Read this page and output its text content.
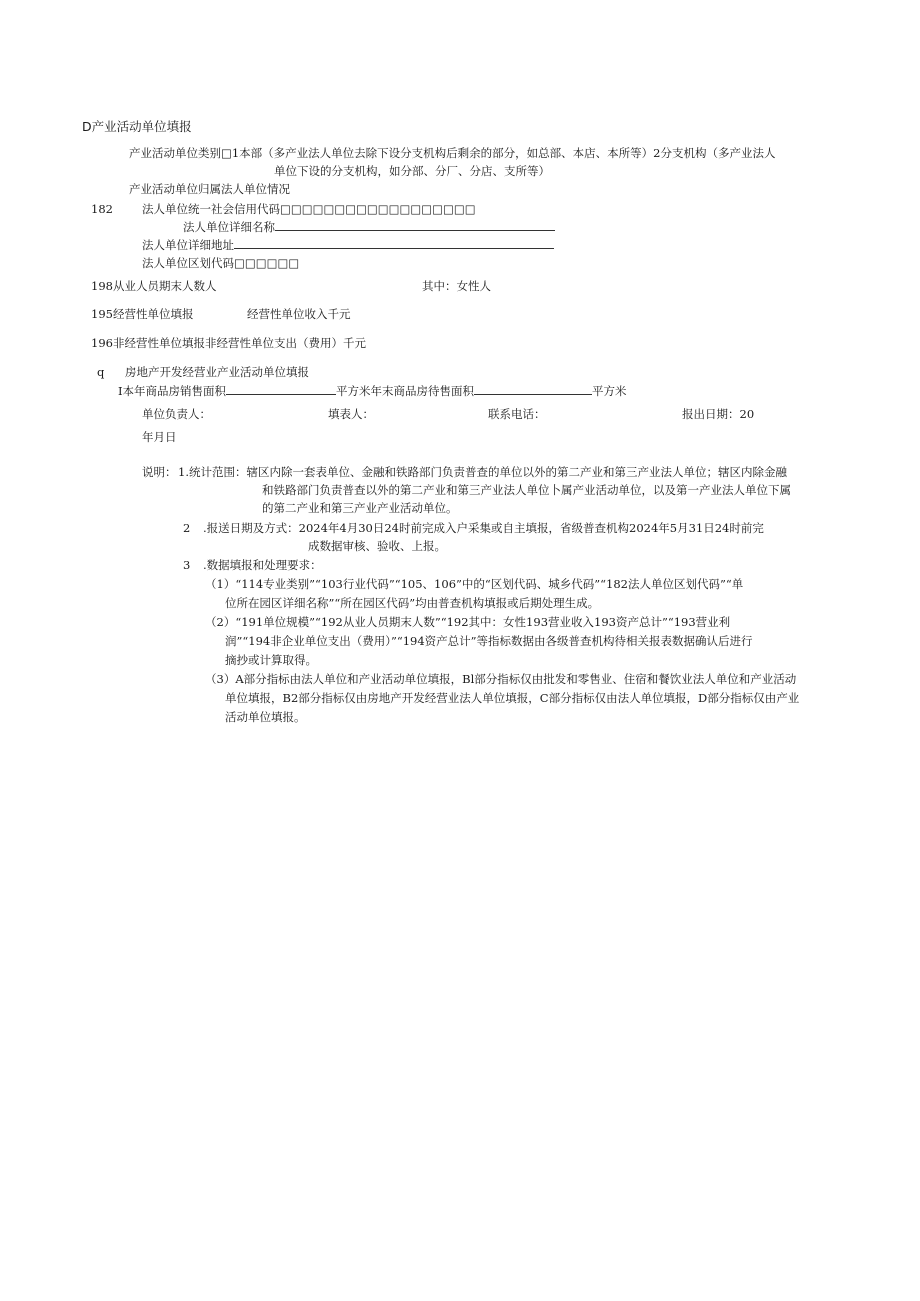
D产业活动单位填报
产业活动单位类别□1本部（多产业法人单位去除下设分支机构后剩余的部分，如总部、本店、本所等）2分支机构（多产业法人
单位下设的分支机构，如分部、分厂、分店、支所等）
产业活动单位归属法人单位情况
182	法人单位统一社会信用代码□□□□□□□□□□□□□□□□□□
法人单位详细名称
法人单位详细地址
法人单位区划代码□□□□□□
198从业人员期末人数人	其中：女性人
195经营性单位填报	经营性单位收入千元
196非经营性单位填报非经营性单位支出（费用）千元
q 房地产开发经营业产业活动单位填报
I本年商品房销售面积	平方米年末商品房待售面积	平方米
单位负责人：	填表人：	联系电话：	报出日期：20
年月日
说明： 1.统计范围：辖区内除一套表单位、金融和铁路部门负责普查的单位以外的第二产业和第三产业法人单位；辖区内除金融
和铁路部门负责普查以外的第二产业和第三产业法人单位卜属产业活动单位，以及第一产业法人单位下属
的第二产业和第三产业产业活动单位。
2 .报送日期及方式：2024年4月30日24时前完成入户采集或自主填报，省级普查机构2024年5月31日24时前完
成数据审核、验收、上报。
3 .数据填报和处理要求：
（1）“114专业类别”“103行业代码”“105、106”中的“区划代码、城乡代码”“182法人单位区划代码”“单
位所在园区详细名称”“所在园区代码”均由普查机构填报或后期处理生成。
（2）“191单位规模”“192从业人员期末人数”“192其中：女性193营业收入193资产总计”“193营业利
润”“194非企业单位支出（费用）”“194资产总计”等指标数据由各级普查机构待相关报表数据确认后进行
摘抄或计算取得。
（3）A部分指标由法人单位和产业活动单位填报，Bl部分指标仅由批发和零售业、住宿和餐饮业法人单位和产业活动
单位填报，B2部分指标仅由房地产开发经营业法人单位填报，C部分指标仅由法人单位填报，D部分指标仅由产业
活动单位填报。
